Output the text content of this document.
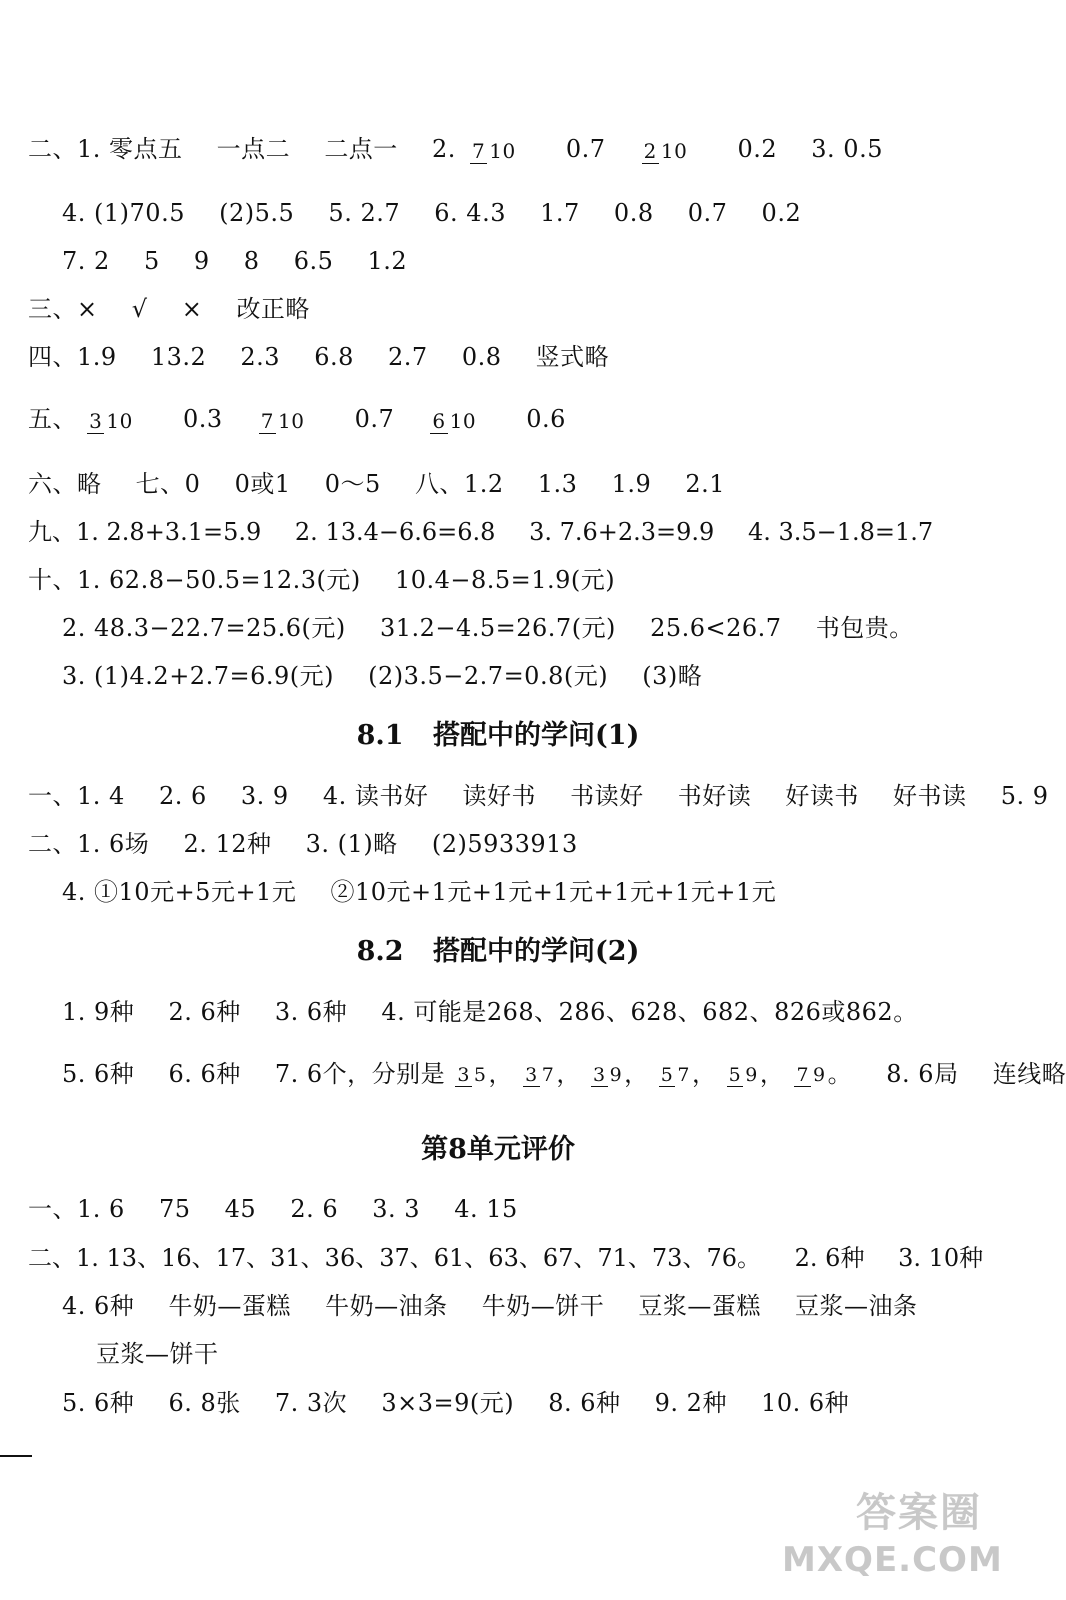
二、1. 零点五 一点二 二点一 2. 7 10 0.7 2 10 0.2 3. 0.5
4. (1)70.5 (2)5.5 5. 2.7 6. 4.3 1.7 0.8 0.7 0.2
7. 2 5 9 8 6.5 1.2
三、× √ × 改正略
四、1.9 13.2 2.3 6.8 2.7 0.8 竖式略
五、 3 10 0.3 7 10 0.7 6 10 0.6
六、略 七、0 0或1 0～5 八、1.2 1.3 1.9 2.1
九、1. 2.8+3.1=5.9 2. 13.4−6.6=6.8 3. 7.6+2.3=9.9 4. 3.5−1.8=1.7
十、1. 62.8−50.5=12.3(元) 10.4−8.5=1.9(元)
2. 48.3−22.7=25.6(元) 31.2−4.5=26.7(元) 25.6<26.7 书包贵。
3. (1)4.2+2.7=6.9(元) (2)3.5−2.7=0.8(元) (3)略
8.1 搭配中的学问(1)
一、1. 4 2. 6 3. 9 4. 读书好 读好书 书读好 书好读 好读书 好书读 5. 9
二、1. 6场 2. 12种 3. (1)略 (2)5933913
4. ①10元+5元+1元 ②10元+1元+1元+1元+1元+1元+1元
8.2 搭配中的学问(2)
1. 9种 2. 6种 3. 6种 4. 可能是268、286、628、682、826或862。
5. 6种 6. 6种 7. 6个，分别是 3 5， 3 7， 3 9， 5 7， 5 9， 7 9。 8. 6局 连线略
第8单元评价
一、1. 6 75 45 2. 6 3. 3 4. 15
二、1. 13、16、17、31、36、37、61、63、67、71、73、76。 2. 6种 3. 10种
4. 6种 牛奶—蛋糕 牛奶—油条 牛奶—饼干 豆浆—蛋糕 豆浆—油条
豆浆—饼干
5. 6种 6. 8张 7. 3次 3×3=9(元) 8. 6种 9. 2种 10. 6种
答案圈
MXQE.COM
